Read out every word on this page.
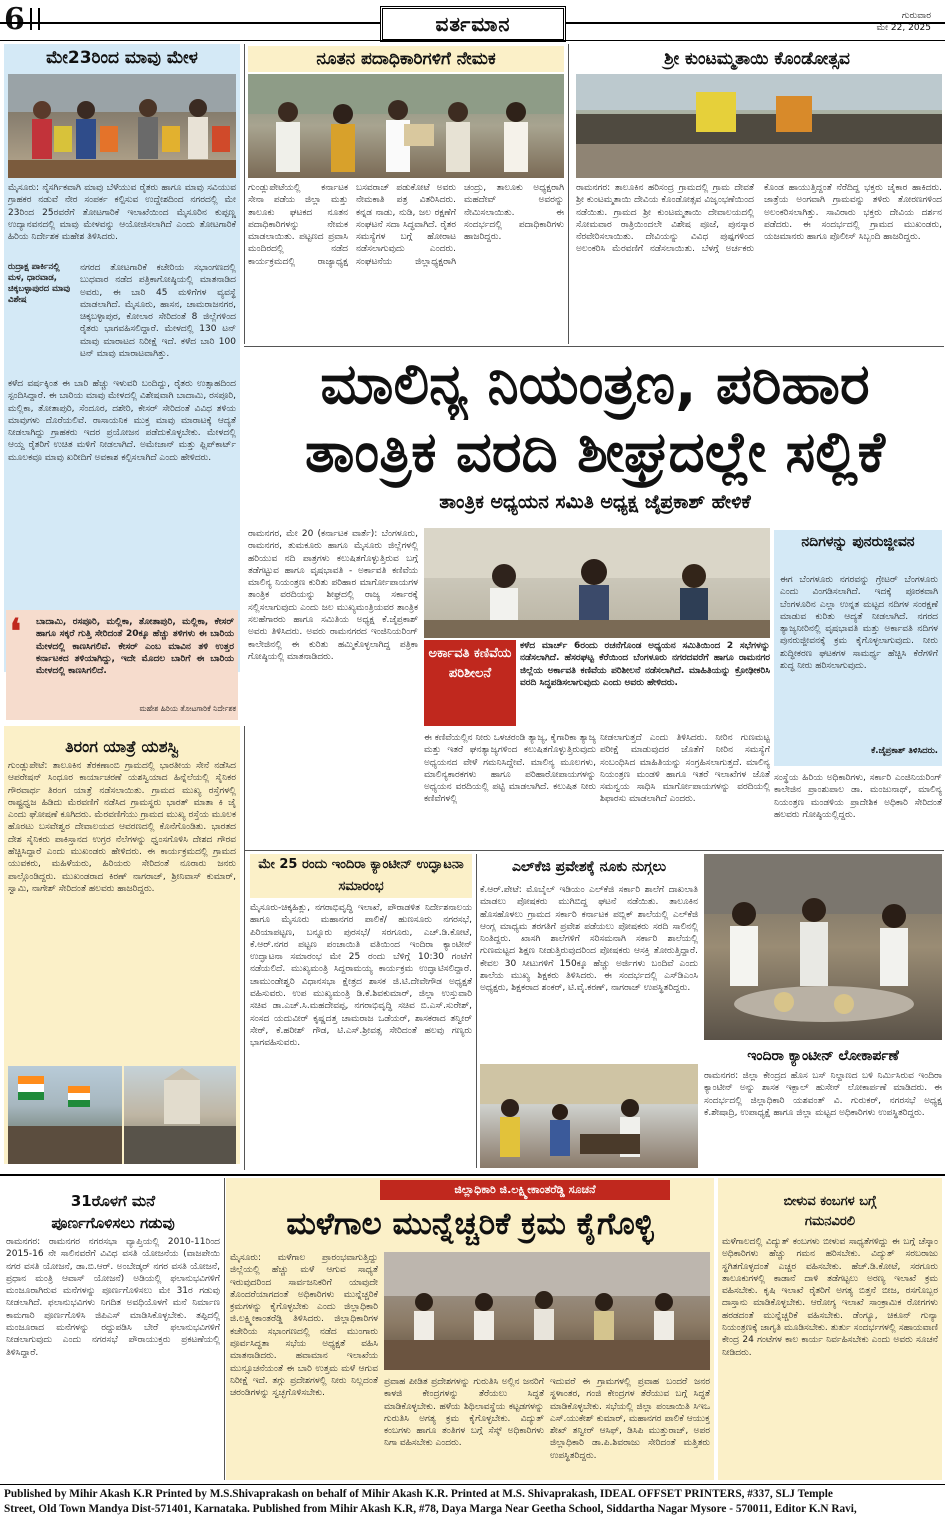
6	ವರ್ತಮಾನ	ಗುರುವಾರ
ಮೇ 22, 2025
ಮೇ23ರಿಂದ ಮಾವು ಮೇಳ
ಮೈಸೂರು: ನೈಸರ್ಗಿಕವಾಗಿ ಮಾವು ಬೆಳೆಯುವ ರೈತರು ಹಾಗೂ ಮಾವು ಸವಿಯುವ ಗ್ರಾಹಕರ ನಡುವೆ ನೇರ ಸಂಪರ್ಕ ಕಲ್ಪಿಸುವ ಉದ್ದೇಶದಿಂದ ನಗರದಲ್ಲಿ ಮೇ 23ರಿಂದ 25ರವರೆಗೆ ತೋಟಗಾರಿಕೆ ಇಲಾಖೆಯಿಂದ ಮೈಸೂರಿನ ಕುಪ್ಪಣ್ಣ ಉದ್ಯಾನವನದಲ್ಲಿ ಮಾವು ಮೇಳವನ್ನು ಆಯೋಜಿಸಲಾಗಿದೆ ಎಂದು ತೋಟಗಾರಿಕೆ ಹಿರಿಯ ನಿರ್ದೇಶಕ ಮಹೇಶ ತಿಳಿಸಿದರು.
ರುದ್ರಾಕ್ಷ ಪಾರ್ಕಿನಲ್ಲಿ ಮಳ, ಧಾರವಾಡ, ಚಿಕ್ಕಬಳ್ಳಾಪುರದ ಮಾವು ವಿಶೇಷ
ನಗರದ ತೋಟಗಾರಿಕೆ ಕಚೇರಿಯ ಸಭಾಂಗಣದಲ್ಲಿ ಬುಧವಾರ ನಡೆದ ಪತ್ರಿಕಾಗೋಷ್ಠಿಯಲ್ಲಿ ಮಾತನಾಡಿದ ಅವರು, ಈ ಬಾರಿ 45 ಮಳಿಗೆಗಳ ವ್ಯವಸ್ಥೆ ಮಾಡಲಾಗಿದೆ. ಮೈಸೂರು, ಹಾಸನ, ಚಾಮರಾಜನಗರ, ಚಿಕ್ಕಬಳ್ಳಾಪುರ, ಕೋಲಾರ ಸೇರಿದಂತೆ 8 ಜಿಲ್ಲೆಗಳಿಂದ ರೈತರು ಭಾಗವಹಿಸಲಿದ್ದಾರೆ. ಮೇಳದಲ್ಲಿ 130 ಟನ್ ಮಾವು ಮಾರಾಟದ ನಿರೀಕ್ಷೆ ಇದೆ. ಕಳೆದ ಬಾರಿ 100 ಟನ್ ಮಾವು ಮಾರಾಟವಾಗಿತ್ತು.
ಕಳೆದ ವರ್ಷಕ್ಕಿಂತ ಈ ಬಾರಿ ಹೆಚ್ಚು ಇಳುವರಿ ಬಂದಿದ್ದು, ರೈತರು ಉತ್ಸಾಹದಿಂದ ಸ್ಪಂದಿಸಿದ್ದಾರೆ. ಈ ಬಾರಿಯ ಮಾವು ಮೇಳದಲ್ಲಿ ವಿಶೇಷವಾಗಿ ಬಾದಾಮಿ, ರಸಪೂರಿ, ಮಲ್ಲಿಕಾ, ತೋತಾಪುರಿ, ಸೆಂದೂರ, ದಶೇರಿ, ಕೇಸರ್ ಸೇರಿದಂತೆ ವಿವಿಧ ತಳಿಯ ಮಾವುಗಳು ದೊರೆಯಲಿವೆ. ರಾಸಾಯನಿಕ ಮುಕ್ತ ಮಾವು ಮಾರಾಟಕ್ಕೆ ಆದ್ಯತೆ ನೀಡಲಾಗಿದ್ದು ಗ್ರಾಹಕರು ಇದರ ಪ್ರಯೋಜನ ಪಡೆದುಕೊಳ್ಳಬೇಕು. ಮೇಳದಲ್ಲಿ ಆಯ್ದ ರೈತರಿಗೆ ಉಚಿತ ಮಳಿಗೆ ನೀಡಲಾಗಿದೆ. ಅಮೇಜಾನ್ ಮತ್ತು ಫ್ಲಿಪ್‌ಕಾರ್ಟ್ ಮೂಲಕವೂ ಮಾವು ಖರೀದಿಗೆ ಅವಕಾಶ ಕಲ್ಪಿಸಲಾಗಿದೆ ಎಂದು ಹೇಳಿದರು.
❛ ಬಾದಾಮಿ, ರಸಪೂರಿ, ಮಲ್ಲಿಕಾ, ತೋತಾಪುರಿ, ಮಲ್ಲಿಕಾ, ಕೇಸರ್ ಹಾಗೂ ಸಕ್ಕರೆ ಗುತ್ತಿ ಸೇರಿದಂತೆ 20ಕ್ಕೂ ಹೆಚ್ಚು ತಳಿಗಳು ಈ ಬಾರಿಯ ಮೇಳದಲ್ಲಿ ಕಾಣಸಿಗಲಿವೆ. ಕೇಸರ್ ಎಂಬ ಮಾವಿನ ತಳಿ ಉತ್ತರ ಕರ್ನಾಟಕದ ತಳಿಯಾಗಿದ್ದು, ಇದೇ ಮೊದಲ ಬಾರಿಗೆ ಈ ಬಾರಿಯ ಮೇಳದಲ್ಲಿ ಕಾಣಸಿಗಲಿದೆ.
ಮಹೇಶ ಹಿರಿಯ ತೋಟಗಾರಿಕೆ ನಿರ್ದೇಶಕ
ತಿರಂಗ ಯಾತ್ರೆ ಯಶಸ್ವಿ
ಗುಂಡ್ಲುಪೇಟೆ: ತಾಲೂಕಿನ ತೆರಕಣಾಂಬಿ ಗ್ರಾಮದಲ್ಲಿ ಭಾರತೀಯ ಸೇನೆ ನಡೆಸಿದ ಆಪರೇಷನ್ ಸಿಂಧೂರ ಕಾರ್ಯಾಚರಣೆ ಯಶಸ್ವಿಯಾದ ಹಿನ್ನೆಲೆಯಲ್ಲಿ ಸೈನಿಕರ ಗೌರವಾರ್ಥ ತಿರಂಗ ಯಾತ್ರೆ ನಡೆಸಲಾಯಿತು. ಗ್ರಾಮದ ಮುಖ್ಯ ರಸ್ತೆಗಳಲ್ಲಿ ರಾಷ್ಟ್ರಧ್ವಜ ಹಿಡಿದು ಮೆರವಣಿಗೆ ನಡೆಸಿದ ಗ್ರಾಮಸ್ಥರು ಭಾರತ್ ಮಾತಾ ಕಿ ಜೈ ಎಂದು ಘೋಷಣೆ ಕೂಗಿದರು. ಮೆರವಣಿಗೆಯು ಗ್ರಾಮದ ಮುಖ್ಯ ರಸ್ತೆಯ ಮೂಲಕ ಹೊರಟು ಬಸವೇಶ್ವರ ದೇವಾಲಯದ ಆವರಣದಲ್ಲಿ ಕೊನೆಗೊಂಡಿತು. ಭಾರತದ ದೇಶ ಸೈನಿಕರು ಪಾಕಿಸ್ತಾನದ ಉಗ್ರರ ನೆಲೆಗಳನ್ನು ಧ್ವಂಸಗೊಳಿಸಿ ದೇಶದ ಗೌರವ ಹೆಚ್ಚಿಸಿದ್ದಾರೆ ಎಂದು ಮುಖಂಡರು ಹೇಳಿದರು. ಈ ಕಾರ್ಯಕ್ರಮದಲ್ಲಿ ಗ್ರಾಮದ ಯುವಕರು, ಮಹಿಳೆಯರು, ಹಿರಿಯರು ಸೇರಿದಂತೆ ನೂರಾರು ಜನರು ಪಾಲ್ಗೊಂಡಿದ್ದರು. ಮುಖಂಡರಾದ ಕಿರಣ್ ನಾಗರಾಜ್, ಶ್ರೀನಿವಾಸ್ ಕುಮಾರ್, ಸ್ವಾಮಿ, ನಾಗೇಶ್ ಸೇರಿದಂತೆ ಹಲವರು ಹಾಜರಿದ್ದರು.
ನೂತನ ಪದಾಧಿಕಾರಿಗಳಿಗೆ ನೇಮಕ
ಗುಂಡ್ಲುಪೇಟೆಯಲ್ಲಿ ಕರ್ನಾಟಕ ಸೇನಾ ಪಡೆಯ ಜಿಲ್ಲಾ ಮತ್ತು ತಾಲೂಕು ಘಟಕದ ನೂತನ ಪದಾಧಿಕಾರಿಗಳನ್ನು ನೇಮಕ ಮಾಡಲಾಯಿತು. ಪಟ್ಟಣದ ಪ್ರವಾಸಿ ಮಂದಿರದಲ್ಲಿ ನಡೆದ ಕಾರ್ಯಕ್ರಮದಲ್ಲಿ ರಾಜ್ಯಾಧ್ಯಕ್ಷ ಬಸವರಾಜ್ ಪಡುಕೋಟೆ ಅವರು ನೇಮಕಾತಿ ಪತ್ರ ವಿತರಿಸಿದರು. ಕನ್ನಡ ನಾಡು, ನುಡಿ, ಜಲ ರಕ್ಷಣೆಗೆ ಸಂಘಟನೆ ಸದಾ ಸಿದ್ಧವಾಗಿದೆ. ರೈತರ ಸಮಸ್ಯೆಗಳ ಬಗ್ಗೆ ಹೋರಾಟ ನಡೆಸಲಾಗುವುದು ಎಂದರು. ಸಂಘಟನೆಯ ಜಿಲ್ಲಾಧ್ಯಕ್ಷರಾಗಿ ಚಂದ್ರು, ತಾಲೂಕು ಅಧ್ಯಕ್ಷರಾಗಿ ಮಹದೇವ್ ಅವರನ್ನು ನೇಮಿಸಲಾಯಿತು. ಈ ಸಂದರ್ಭದಲ್ಲಿ ಪದಾಧಿಕಾರಿಗಳು ಹಾಜರಿದ್ದರು.
ಶ್ರೀ ಕುಂಟಮ್ಮತಾಯಿ ಕೊಂಡೋತ್ಸವ
ರಾಮನಗರ: ತಾಲೂಕಿನ ಹರಿಸಂದ್ರ ಗ್ರಾಮದಲ್ಲಿ ಗ್ರಾಮ ದೇವತೆ ಶ್ರೀ ಕುಂಟಮ್ಮತಾಯಿ ದೇವಿಯ ಕೊಂಡೋತ್ಸವ ವಿಜೃಂಭಣೆಯಿಂದ ನಡೆಯಿತು. ಗ್ರಾಮದ ಶ್ರೀ ಕುಂಟಮ್ಮತಾಯಿ ದೇವಾಲಯದಲ್ಲಿ ಸೋಮವಾರ ರಾತ್ರಿಯಿಂದಲೇ ವಿಶೇಷ ಪೂಜೆ, ಪುನಸ್ಕಾರ ನೆರವೇರಿಸಲಾಯಿತು. ದೇವಿಯನ್ನು ವಿವಿಧ ಪುಷ್ಪಗಳಿಂದ ಅಲಂಕರಿಸಿ ಮೆರವಣಿಗೆ ನಡೆಸಲಾಯಿತು. ಬೆಳಗ್ಗೆ ಅರ್ಚಕರು ಕೊಂಡ ಹಾಯುತ್ತಿದ್ದಂತೆ ನೆರೆದಿದ್ದ ಭಕ್ತರು ಜೈಕಾರ ಹಾಕಿದರು. ಜಾತ್ರೆಯ ಅಂಗವಾಗಿ ಗ್ರಾಮವನ್ನು ತಳಿರು ತೋರಣಗಳಿಂದ ಅಲಂಕರಿಸಲಾಗಿತ್ತು. ಸಾವಿರಾರು ಭಕ್ತರು ದೇವಿಯ ದರ್ಶನ ಪಡೆದರು. ಈ ಸಂದರ್ಭದಲ್ಲಿ ಗ್ರಾಮದ ಮುಖಂಡರು, ಯಜಮಾನರು ಹಾಗೂ ಪೊಲೀಸ್ ಸಿಬ್ಬಂದಿ ಹಾಜರಿದ್ದರು.
ಮಾಲಿನ್ಯ ನಿಯಂತ್ರಣ, ಪರಿಹಾರ
ತಾಂತ್ರಿಕ ವರದಿ ಶೀಘ್ರದಲ್ಲೇ ಸಲ್ಲಿಕೆ
ತಾಂತ್ರಿಕ ಅಧ್ಯಯನ ಸಮಿತಿ ಅಧ್ಯಕ್ಷ ಜೈಪ್ರಕಾಶ್ ಹೇಳಿಕೆ
ರಾಮನಗರ, ಮೇ 20 (ಕರ್ನಾಟಕ ವಾರ್ತೆ): ಬೆಂಗಳೂರು, ರಾಮನಗರ, ತುಮಕೂರು ಹಾಗೂ ಮೈಸೂರು ಜಿಲ್ಲೆಗಳಲ್ಲಿ ಹರಿಯುವ ನದಿ ಪಾತ್ರಗಳು ಕಲುಷಿತಗೊಳ್ಳುತ್ತಿರುವ ಬಗ್ಗೆ ತಡೆಗಟ್ಟುವ ಹಾಗೂ ವೃಷಭಾವತಿ - ಅರ್ಕಾವತಿ ಕಣಿವೆಯ ಮಾಲಿನ್ಯ ನಿಯಂತ್ರಣ ಕುರಿತು ಪರಿಹಾರ ಮಾರ್ಗೋಪಾಯಗಳ ತಾಂತ್ರಿಕ ವರದಿಯನ್ನು ಶೀಘ್ರದಲ್ಲಿ ರಾಜ್ಯ ಸರ್ಕಾರಕ್ಕೆ ಸಲ್ಲಿಸಲಾಗುವುದು ಎಂದು ಜಲ ಮುಖ್ಯಮಂತ್ರಿಯವರ ತಾಂತ್ರಿಕ ಸಲಹೆಗಾರರು ಹಾಗೂ ಸಮಿತಿಯ ಅಧ್ಯಕ್ಷ ಕೆ.ಜೈಪ್ರಕಾಶ್ ಅವರು ತಿಳಿಸಿದರು. ಅವರು ರಾಮನಗರದ ಇಂಜಿನಿಯರಿಂಗ್ ಕಾಲೇಜಿನಲ್ಲಿ ಈ ಕುರಿತು ಹಮ್ಮಿಕೊಳ್ಳಲಾಗಿದ್ದ ಪತ್ರಿಕಾ ಗೋಷ್ಠಿಯಲ್ಲಿ ಮಾತನಾಡಿದರು.	ಅರ್ಕಾವತಿ ಕಣಿವೆಯ ಪರಿಶೀಲನೆ
ಕಳೆದ ಮಾರ್ಚ್ 6ರಂದು ರಚನೆಗೊಂಡ ಅಧ್ಯಯನ ಸಮಿತಿಯಿಂದ 2 ಸಭೆಗಳನ್ನು ನಡೆಸಲಾಗಿದೆ. ಹೆಸರಘಟ್ಟ ಕೆರೆಯಿಂದ ಬೆಂಗಳೂರು ನಗರದವರೆಗೆ ಹಾಗೂ ರಾಮನಗರ ಜಿಲ್ಲೆಯ ಅರ್ಕಾವತಿ ಕಣಿವೆಯ ಪರಿಶೀಲನೆ ನಡೆಸಲಾಗಿದೆ. ಮಾಹಿತಿಯನ್ನು ಕ್ರೋಢೀಕರಿಸಿ ವರದಿ ಸಿದ್ಧಪಡಿಸಲಾಗುವುದು ಎಂದು ಅವರು ಹೇಳಿದರು.
ಈ ಕಣಿವೆಯಲ್ಲಿನ ನೀರು ಒಳಚರಂಡಿ ತ್ಯಾಜ್ಯ, ಕೈಗಾರಿಕಾ ತ್ಯಾಜ್ಯ ಮತ್ತು ಇತರೆ ಘನತ್ಯಾಜ್ಯಗಳಿಂದ ಕಲುಷಿತಗೊಳ್ಳುತ್ತಿರುವುದು ಅಧ್ಯಯನದ ವೇಳೆ ಗಮನಿಸಿದ್ದೇವೆ. ಮಾಲಿನ್ಯ ಮೂಲಗಳು, ಮಾಲಿನ್ಯಕಾರಕಗಳು ಹಾಗೂ ಪರಿಹಾರೋಪಾಯಗಳನ್ನು ಅಧ್ಯಯನ ವರದಿಯಲ್ಲಿ ಪಟ್ಟಿ ಮಾಡಲಾಗಿದೆ. ಕಲುಷಿತ ನೀರು ಕಣಿವೆಗಳಲ್ಲಿ
ನೀಡಲಾಗುತ್ತದೆ ಎಂದು ತಿಳಿಸಿದರು. ನೀರಿನ ಗುಣಮಟ್ಟ ಪರೀಕ್ಷೆ ಮಾಡುವುದರ ಜೊತೆಗೆ ನೀರಿನ ಸಮಸ್ಯೆಗೆ ಸಂಬಂಧಿಸಿದ ಮಾಹಿತಿಯನ್ನು ಸಂಗ್ರಹಿಸಲಾಗುತ್ತದೆ. ಮಾಲಿನ್ಯ ನಿಯಂತ್ರಣ ಮಂಡಳಿ ಹಾಗೂ ಇತರೆ ಇಲಾಖೆಗಳ ಜೊತೆ ಸಮನ್ವಯ ಸಾಧಿಸಿ ಮಾರ್ಗೋಪಾಯಗಳನ್ನು ವರದಿಯಲ್ಲಿ ಶಿಫಾರಸು ಮಾಡಲಾಗಿದೆ ಎಂದರು.
ನದಿಗಳನ್ನು ಪುನರುಜ್ಜೀವನ
ಈಗ ಬೆಂಗಳೂರು ನಗರವನ್ನು ಗ್ರೇಟರ್ ಬೆಂಗಳೂರು ಎಂದು ವಿಂಗಡಿಸಲಾಗಿದೆ. ಇದಕ್ಕೆ ಪೂರಕವಾಗಿ ಬೆಂಗಳೂರಿನ ಎಲ್ಲಾ ಉನ್ನತ ಮಟ್ಟದ ನದಿಗಳ ಸಂರಕ್ಷಣೆ ಮಾಡುವ ಕುರಿತು ಆದ್ಯತೆ ನೀಡಲಾಗಿದೆ. ನಗರದ ತ್ಯಾಜ್ಯನೀರಿನಲ್ಲಿ ವೃಷಭಾವತಿ ಮತ್ತು ಅರ್ಕಾವತಿ ನದಿಗಳ ಪುನರುಜ್ಜೀವನಕ್ಕೆ ಕ್ರಮ ಕೈಗೊಳ್ಳಲಾಗುವುದು. ನೀರು ಶುದ್ಧೀಕರಣ ಘಟಕಗಳ ಸಾಮರ್ಥ್ಯ ಹೆಚ್ಚಿಸಿ ಕೆರೆಗಳಿಗೆ ಶುದ್ಧ ನೀರು ಹರಿಸಲಾಗುವುದು.
ಕೆ.ಜೈಪ್ರಕಾಶ್ ತಿಳಿಸಿದರು.
ಸಂಸ್ಥೆಯ ಹಿರಿಯ ಅಧಿಕಾರಿಗಳು, ಸರ್ಕಾರಿ ಎಂಜಿನಿಯರಿಂಗ್ ಕಾಲೇಜಿನ ಪ್ರಾಂಶುಪಾಲ ಡಾ. ಮಂಜುನಾಥ್, ಮಾಲಿನ್ಯ ನಿಯಂತ್ರಣ ಮಂಡಳಿಯ ಪ್ರಾದೇಶಿಕ ಅಧಿಕಾರಿ ಸೇರಿದಂತೆ ಹಲವರು ಗೋಷ್ಠಿಯಲ್ಲಿದ್ದರು.
ಮೇ 25 ರಂದು ಇಂದಿರಾ ಕ್ಯಾಂಟೀನ್ ಉದ್ಘಾಟನಾ ಸಮಾರಂಭ
ಮೈಸೂರು-ಚಿಕ್ಕಹಿತ್ಲು, ನಗರಾಭಿವೃದ್ಧಿ ಇಲಾಖೆ, ಪೌರಾಡಳಿತ ನಿರ್ದೇಶನಾಲಯ ಹಾಗೂ ಮೈಸೂರು ಮಹಾನಗರ ಪಾಲಿಕೆ/ ಹುಣಸೂರು ನಗರಸಭೆ, ಪಿರಿಯಾಪಟ್ಟಣ, ಬನ್ನೂರು ಪುರಸಭೆ/ ಸರಗೂರು, ಎಚ್.ಡಿ.ಕೋಟೆ, ಕೆ.ಆರ್.ನಗರ ಪಟ್ಟಣ ಪಂಚಾಯಿತಿ ವತಿಯಿಂದ ಇಂದಿರಾ ಕ್ಯಾಂಟೀನ್ ಉದ್ಘಾಟನಾ ಸಮಾರಂಭ ಮೇ 25 ರಂದು ಬೆಳಿಗ್ಗೆ 10:30 ಗಂಟೆಗೆ ನಡೆಯಲಿದೆ. ಮುಖ್ಯಮಂತ್ರಿ ಸಿದ್ದರಾಮಯ್ಯ ಕಾರ್ಯಕ್ರಮ ಉದ್ಘಾಟಿಸಲಿದ್ದಾರೆ. ಚಾಮುಂಡೇಶ್ವರಿ ವಿಧಾನಸಭಾ ಕ್ಷೇತ್ರದ ಶಾಸಕ ಜಿ.ಟಿ.ದೇವೇಗೌಡ ಅಧ್ಯಕ್ಷತೆ ವಹಿಸುವರು. ಉಪ ಮುಖ್ಯಮಂತ್ರಿ ಡಿ.ಕೆ.ಶಿವಕುಮಾರ್, ಜಿಲ್ಲಾ ಉಸ್ತುವಾರಿ ಸಚಿವ ಡಾ.ಎಚ್.ಸಿ.ಮಹದೇವಪ್ಪ, ನಗರಾಭಿವೃದ್ಧಿ ಸಚಿವ ಬಿ.ಎಸ್.ಸುರೇಶ್, ಸಂಸದ ಯದುವೀರ್ ಕೃಷ್ಣದತ್ತ ಚಾಮರಾಜ ಒಡೆಯರ್, ಶಾಸಕರಾದ ತನ್ವೀರ್ ಸೇಠ್, ಕೆ.ಹರೀಶ್ ಗೌಡ, ಟಿ.ಎಸ್.ಶ್ರೀವತ್ಸ ಸೇರಿದಂತೆ ಹಲವು ಗಣ್ಯರು ಭಾಗವಹಿಸುವರು.
ಎಲ್‌ಕೆಜಿ ಪ್ರವೇಶಕ್ಕೆ ನೂಕು ನುಗ್ಗಲು
ಕೆ.ಆರ್.ಪೇಟೆ: ಮೊಬೈಲ್ ಇಡಿಯಂ ಎಲ್‌ಕೆಜಿ ಸರ್ಕಾರಿ ಶಾಲೆಗೆ ದಾಖಲಾತಿ ಮಾಡಲು ಪೋಷಕರು ಮುಗಿಬಿದ್ದ ಘಟನೆ ನಡೆಯಿತು. ತಾಲೂಕಿನ ಹೊಸಹೊಳಲು ಗ್ರಾಮದ ಸರ್ಕಾರಿ ಕರ್ನಾಟಕ ಪಬ್ಲಿಕ್ ಶಾಲೆಯಲ್ಲಿ ಎಲ್‌ಕೆಜಿ ಆಂಗ್ಲ ಮಾಧ್ಯಮ ತರಗತಿಗೆ ಪ್ರವೇಶ ಪಡೆಯಲು ಪೋಷಕರು ಸರದಿ ಸಾಲಿನಲ್ಲಿ ನಿಂತಿದ್ದರು. ಖಾಸಗಿ ಶಾಲೆಗಳಿಗೆ ಸರಿಸಮನಾಗಿ ಸರ್ಕಾರಿ ಶಾಲೆಯಲ್ಲಿ ಗುಣಮಟ್ಟದ ಶಿಕ್ಷಣ ನೀಡುತ್ತಿರುವುದರಿಂದ ಪೋಷಕರು ಆಸಕ್ತಿ ತೋರುತ್ತಿದ್ದಾರೆ. ಕೇವಲ 30 ಸೀಟುಗಳಿಗೆ 150ಕ್ಕೂ ಹೆಚ್ಚು ಅರ್ಜಿಗಳು ಬಂದಿವೆ ಎಂದು ಶಾಲೆಯ ಮುಖ್ಯ ಶಿಕ್ಷಕರು ತಿಳಿಸಿದರು. ಈ ಸಂದರ್ಭದಲ್ಲಿ ಎಸ್‌ಡಿಎಂಸಿ ಅಧ್ಯಕ್ಷರು, ಶಿಕ್ಷಕರಾದ ಶಂಕರ್, ಟಿ.ವೈ.ಕರಣ್, ನಾಗರಾಜ್ ಉಪಸ್ಥಿತರಿದ್ದರು.
ಇಂದಿರಾ ಕ್ಯಾಂಟೀನ್ ಲೋಕಾರ್ಪಣೆ
ರಾಮನಗರ: ಜಿಲ್ಲಾ ಕೇಂದ್ರದ ಹೊಸ ಬಸ್ ನಿಲ್ದಾಣದ ಬಳಿ ನಿರ್ಮಿಸಿರುವ ಇಂದಿರಾ ಕ್ಯಾಂಟೀನ್ ಅನ್ನು ಶಾಸಕ ಇಕ್ಬಾಲ್ ಹುಸೇನ್ ಲೋಕಾರ್ಪಣೆ ಮಾಡಿದರು. ಈ ಸಂದರ್ಭದಲ್ಲಿ ಜಿಲ್ಲಾಧಿಕಾರಿ ಯಶವಂತ್ ವಿ. ಗುರುಕರ್, ನಗರಸಭೆ ಅಧ್ಯಕ್ಷ ಕೆ.ಶೇಷಾದ್ರಿ, ಉಪಾಧ್ಯಕ್ಷೆ ಹಾಗೂ ಜಿಲ್ಲಾ ಮಟ್ಟದ ಅಧಿಕಾರಿಗಳು ಉಪಸ್ಥಿತರಿದ್ದರು.
31ರೊಳಗೆ ಮನೆ
ಪೂರ್ಣಗೊಳಿಸಲು ಗಡುವು
ರಾಮನಗರ: ರಾಮನಗರ ನಗರಸಭಾ ವ್ಯಾಪ್ತಿಯಲ್ಲಿ 2010-11ರಿಂದ 2015-16 ನೇ ಸಾಲಿನವರೆಗೆ ವಿವಿಧ ವಸತಿ ಯೋಜನೆಯ (ವಾಜಪೇಯಿ ನಗರ ವಸತಿ ಯೋಜನೆ, ಡಾ.ಬಿ.ಆರ್. ಅಂಬೇಡ್ಕರ್ ನಗರ ವಸತಿ ಯೋಜನೆ, ಪ್ರಧಾನ ಮಂತ್ರಿ ಆವಾಸ್ ಯೋಜನೆ) ಅಡಿಯಲ್ಲಿ ಫಲಾನುಭವಿಗಳಿಗೆ ಮಂಜೂರಾಗಿರುವ ಮನೆಗಳನ್ನು ಪೂರ್ಣಗೊಳಿಸಲು ಮೇ 31ರ ಗಡುವು ನೀಡಲಾಗಿದೆ. ಫಲಾನುಭವಿಗಳು ನಿಗದಿತ ಅವಧಿಯೊಳಗೆ ಮನೆ ನಿರ್ಮಾಣ ಕಾಮಗಾರಿ ಪೂರ್ಣಗೊಳಿಸಿ ಜಿಪಿಎಸ್ ಮಾಡಿಸಿಕೊಳ್ಳಬೇಕು. ತಪ್ಪಿದಲ್ಲಿ ಮಂಜೂರಾದ ಮನೆಗಳನ್ನು ರದ್ದುಪಡಿಸಿ ಬೇರೆ ಫಲಾನುಭವಿಗಳಿಗೆ ನೀಡಲಾಗುವುದು ಎಂದು ನಗರಸಭೆ ಪೌರಾಯುಕ್ತರು ಪ್ರಕಟಣೆಯಲ್ಲಿ ತಿಳಿಸಿದ್ದಾರೆ.
ಜಿಲ್ಲಾಧಿಕಾರಿ ಜಿ.ಲಕ್ಷ್ಮೀಕಾಂತರೆಡ್ಡಿ ಸೂಚನೆ
ಮಳೆಗಾಲ ಮುನ್ನೆಚ್ಚರಿಕೆ ಕ್ರಮ ಕೈಗೊಳ್ಳಿ
ಮೈಸೂರು: ಮಳೆಗಾಲ ಪ್ರಾರಂಭವಾಗುತ್ತಿದ್ದು ಜಿಲ್ಲೆಯಲ್ಲಿ ಹೆಚ್ಚು ಮಳೆ ಆಗುವ ಸಾಧ್ಯತೆ ಇರುವುದರಿಂದ ಸಾರ್ವಜನಿಕರಿಗೆ ಯಾವುದೇ ತೊಂದರೆಯಾಗದಂತೆ ಅಧಿಕಾರಿಗಳು ಮುನ್ನೆಚ್ಚರಿಕೆ ಕ್ರಮಗಳನ್ನು ಕೈಗೊಳ್ಳಬೇಕು ಎಂದು ಜಿಲ್ಲಾಧಿಕಾರಿ ಜಿ.ಲಕ್ಷ್ಮೀಕಾಂತರೆಡ್ಡಿ ತಿಳಿಸಿದರು. ಜಿಲ್ಲಾಧಿಕಾರಿಗಳ ಕಚೇರಿಯ ಸಭಾಂಗಣದಲ್ಲಿ ನಡೆದ ಮುಂಗಾರು ಪೂರ್ವಸಿದ್ಧತಾ ಸಭೆಯ ಅಧ್ಯಕ್ಷತೆ ವಹಿಸಿ ಮಾತನಾಡಿದರು. ಹವಾಮಾನ ಇಲಾಖೆಯ ಮುನ್ಸೂಚನೆಯಂತೆ ಈ ಬಾರಿ ಉತ್ತಮ ಮಳೆ ಆಗುವ ನಿರೀಕ್ಷೆ ಇದೆ. ತಗ್ಗು ಪ್ರದೇಶಗಳಲ್ಲಿ ನೀರು ನಿಲ್ಲದಂತೆ ಚರಂಡಿಗಳನ್ನು ಸ್ವಚ್ಛಗೊಳಿಸಬೇಕು.
ಪ್ರವಾಹ ಪೀಡಿತ ಪ್ರದೇಶಗಳನ್ನು ಗುರುತಿಸಿ ಅಲ್ಲಿನ ಜನರಿಗೆ ಕಾಳಜಿ ಕೇಂದ್ರಗಳನ್ನು ತೆರೆಯಲು ಸಿದ್ಧತೆ ಮಾಡಿಕೊಳ್ಳಬೇಕು. ಹಳೆಯ ಶಿಥಿಲಾವಸ್ಥೆಯ ಕಟ್ಟಡಗಳನ್ನು ಗುರುತಿಸಿ ಅಗತ್ಯ ಕ್ರಮ ಕೈಗೊಳ್ಳಬೇಕು. ವಿದ್ಯುತ್ ಕಂಬಗಳು ಹಾಗೂ ತಂತಿಗಳ ಬಗ್ಗೆ ಸೆಸ್ಕ್ ಅಧಿಕಾರಿಗಳು ನಿಗಾ ವಹಿಸಬೇಕು ಎಂದರು.
ಇದುವರೆ ಈ ಗ್ರಾಮಗಳಲ್ಲಿ ಪ್ರವಾಹ ಬಂದರೆ ಜನರ ಸ್ಥಳಾಂತರ, ಗಂಜಿ ಕೇಂದ್ರಗಳ ತೆರೆಯುವ ಬಗ್ಗೆ ಸಿದ್ಧತೆ ಮಾಡಿಕೊಳ್ಳಬೇಕು. ಸಭೆಯಲ್ಲಿ ಜಿಲ್ಲಾ ಪಂಚಾಯಿತಿ ಸಿಇಒ ಎಸ್.ಯುಕೇಶ್ ಕುಮಾರ್, ಮಹಾನಗರ ಪಾಲಿಕೆ ಆಯುಕ್ತ ಶೇಖ್ ತನ್ವೀರ್ ಆಸಿಫ್, ಡಿಸಿಪಿ ಮುತ್ತುರಾಜ್, ಅಪರ ಜಿಲ್ಲಾಧಿಕಾರಿ ಡಾ.ಪಿ.ಶಿವರಾಜು ಸೇರಿದಂತೆ ಮತ್ತಿತರು ಉಪಸ್ಥಿತರಿದ್ದರು.
ಬೀಳುವ ಕಂಬಗಳ ಬಗ್ಗೆ
ಗಮನವಿರಲಿ
ಮಳೆಗಾಲದಲ್ಲಿ ವಿದ್ಯುತ್ ಕಂಬಗಳು ಬೀಳುವ ಸಾಧ್ಯತೆಗಳಿದ್ದು ಈ ಬಗ್ಗೆ ಚೆಸ್ಕಾಂ ಅಧಿಕಾರಿಗಳು ಹೆಚ್ಚು ಗಮನ ಹರಿಸಬೇಕು. ವಿದ್ಯುತ್ ಸರಬರಾಜು ಸ್ಥಗಿತಗೊಳ್ಳದಂತೆ ಎಚ್ಚರ ವಹಿಸಬೇಕು. ಹೆಚ್.ಡಿ.ಕೋಟೆ, ಸರಗೂರು ತಾಲೂಕುಗಳಲ್ಲಿ ಕಾಡಾನೆ ದಾಳಿ ತಡೆಗಟ್ಟಲು ಅರಣ್ಯ ಇಲಾಖೆ ಕ್ರಮ ವಹಿಸಬೇಕು. ಕೃಷಿ ಇಲಾಖೆ ರೈತರಿಗೆ ಅಗತ್ಯ ಬಿತ್ತನೆ ಬೀಜ, ರಸಗೊಬ್ಬರ ದಾಸ್ತಾನು ಮಾಡಿಕೊಳ್ಳಬೇಕು. ಆರೋಗ್ಯ ಇಲಾಖೆ ಸಾಂಕ್ರಾಮಿಕ ರೋಗಗಳು ಹರಡದಂತೆ ಮುನ್ನೆಚ್ಚರಿಕೆ ವಹಿಸಬೇಕು. ಡೆಂಗ್ಯೂ, ಚಿಕೂನ್ ಗುನ್ಯಾ ನಿಯಂತ್ರಣಕ್ಕೆ ಜಾಗೃತಿ ಮೂಡಿಸಬೇಕು. ತುರ್ತು ಸಂದರ್ಭಗಳಲ್ಲಿ ಸಹಾಯವಾಣಿ ಕೇಂದ್ರ 24 ಗಂಟೆಗಳ ಕಾಲ ಕಾರ್ಯ ನಿರ್ವಹಿಸಬೇಕು ಎಂದು ಅವರು ಸೂಚನೆ ನೀಡಿದರು.
Published by Mihir Akash K.R Printed by M.S.Shivaprakash on behalf of Mihir Akash K.R. Printed at M.S. Shivaprakash, IDEAL OFFSET PRINTERS, #337, SLJ Temple
Street, Old Town Mandya Dist-571401, Karnataka. Published from Mihir Akash K.R, #78, Daya Marga Near Geetha School, Siddartha Nagar Mysore - 570011, Editor K.N Ravi,
